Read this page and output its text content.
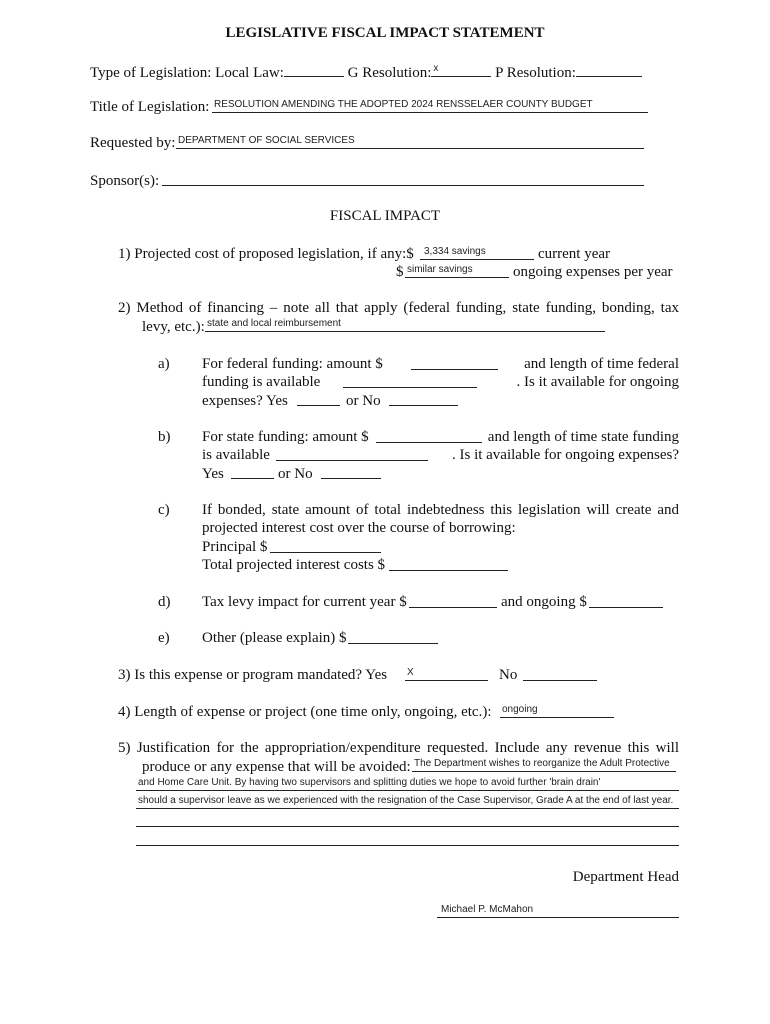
LEGISLATIVE FISCAL IMPACT STATEMENT
Type of Legislation: Local Law:	G Resolution: x	P Resolution:
Title of Legislation: RESOLUTION AMENDING THE ADOPTED 2024 RENSSELAER COUNTY BUDGET
Requested by: DEPARTMENT OF SOCIAL SERVICES
Sponsor(s):
FISCAL IMPACT
1) Projected cost of proposed legislation, if any:$ 3,334 savings	current year
$ similar savings	ongoing expenses per year
2) Method of financing – note all that apply (federal funding, state funding, bonding, tax
levy, etc.): state and local reimbursement
a) For federal funding: amount $	and length of time federal
funding is available	. Is it available for ongoing
expenses? Yes	or No
b) For state funding: amount $	and length of time state funding
is available	. Is it available for ongoing expenses?
Yes	or No
c) If bonded, state amount of total indebtedness this legislation will create and
projected interest cost over the course of borrowing:
Principal $
Total projected interest costs $
d) Tax levy impact for current year $	and ongoing $
e) Other (please explain) $
3) Is this expense or program mandated? Yes X	No
4) Length of expense or project (one time only, ongoing, etc.): ongoing
5) Justification for the appropriation/expenditure requested. Include any revenue this will
produce or any expense that will be avoided: The Department wishes to reorganize the Adult Protective
and Home Care Unit. By having two supervisors and splitting duties we hope to avoid further 'brain drain'
should a supervisor leave as we experienced with the resignation of the Case Supervisor, Grade A at the end of last year.
Department Head
Michael P. McMahon
